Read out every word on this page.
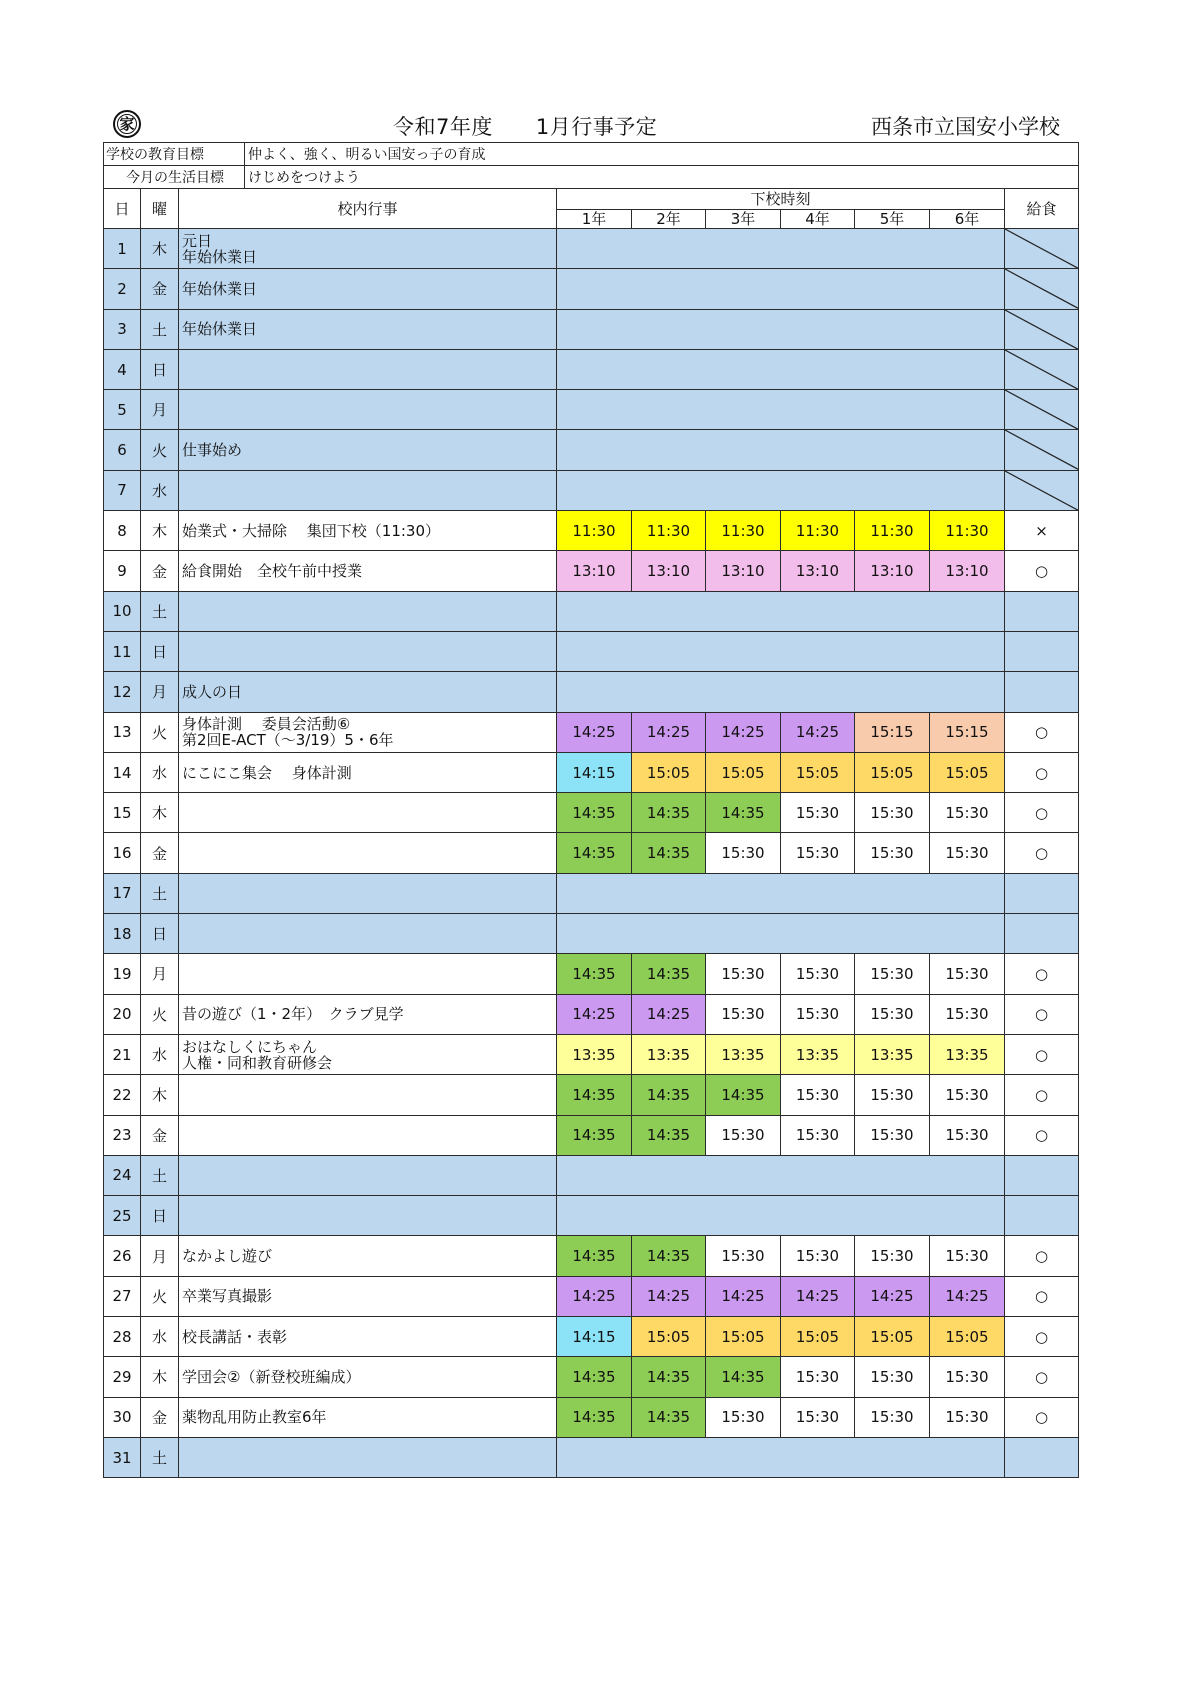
家	令和7年度　　1月行事予定	西条市立国安小学校
学校の教育目標 仲よく、強く、明るい国安っ子の育成									

今月の生活目標 けじめをつけよう									

日	曜	校内行事	下校時刻						給食
			1年	2年	3年	4年	5年	6年	
1	木	元日
年始休業日

2	金	年始休業日

3	土	年始休業日

4	日			

5	月			

6	火	仕事始め

7	水			

8	木	始業式・大掃除　 集団下校（11:30）	11:30	11:30	11:30	11:30	11:30	11:30	×
9	金	給食開始　全校午前中授業	13:10	13:10	13:10	13:10	13:10	13:10	○
10	土								
11	日								
12	月	成人の日							

13	火	身体計測　 委員会活動⑥
第2回E-ACT（～3/19）5・6年	14:25	14:25	14:25	14:25	15:15	15:15	○
14	水	にこにこ集会　 身体計測	14:15	15:05	15:05	15:05	15:05	15:05	○
15	木		14:35	14:35	14:35	15:30	15:30	15:30	○
16	金		14:35	14:35	15:30	15:30	15:30	15:30	○
17	土								
18	日								
19	月		14:35	14:35	15:30	15:30	15:30	15:30	○
20	火	昔の遊び（1・2年）　クラブ見学	14:25	14:25	15:30	15:30	15:30	15:30	○
21	水	おはなしくにちゃん
人権・同和教育研修会	13:35	13:35	13:35	13:35	13:35	13:35	○
22	木		14:35	14:35	14:35	15:30	15:30	15:30	○
23	金		14:35	14:35	15:30	15:30	15:30	15:30	○
24	土								
25	日								
26	月	なかよし遊び	14:35	14:35	15:30	15:30	15:30	15:30	○
27	火	卒業写真撮影	14:25	14:25	14:25	14:25	14:25	14:25	○
28	水	校長講話・表彰	14:15	15:05	15:05	15:05	15:05	15:05	○
29	木	学団会②（新登校班編成）	14:35	14:35	14:35	15:30	15:30	15:30	○
30	金	薬物乱用防止教室6年	14:35	14:35	15:30	15:30	15:30	15:30	○
31	土								
